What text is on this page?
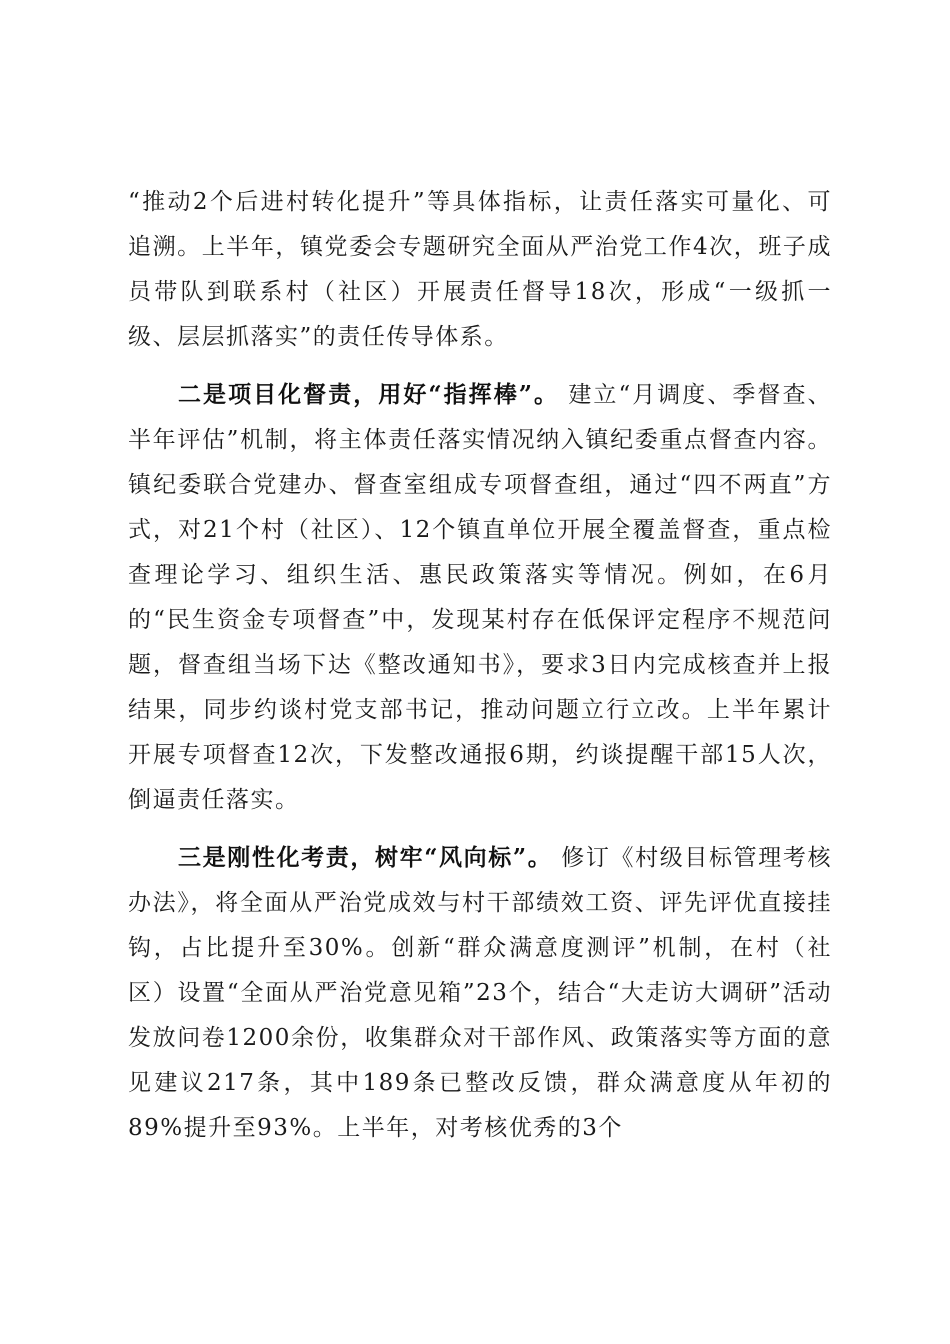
“推动2个后进村转化提升”等具体指标，让责任落实可量化、可追溯。上半年，镇党委会专题研究全面从严治党工作4次，班子成员带队到联系村（社区）开展责任督导18次，形成“一级抓一级、层层抓落实”的责任传导体系。

二是项目化督责，用好“指挥棒”。 建立“月调度、季督查、半年评估”机制，将主体责任落实情况纳入镇纪委重点督查内容。镇纪委联合党建办、督查室组成专项督查组，通过“四不两直”方式，对21个村（社区）、12个镇直单位开展全覆盖督查，重点检查理论学习、组织生活、惠民政策落实等情况。例如，在6月的“民生资金专项督查”中，发现某村存在低保评定程序不规范问题，督查组当场下达《整改通知书》，要求3日内完成核查并上报结果，同步约谈村党支部书记，推动问题立行立改。上半年累计开展专项督查12次，下发整改通报6期，约谈提醒干部15人次，倒逼责任落实。

三是刚性化考责，树牢“风向标”。 修订《村级目标管理考核办法》，将全面从严治党成效与村干部绩效工资、评先评优直接挂钩，占比提升至30%。创新“群众满意度测评”机制，在村（社区）设置“全面从严治党意见箱”23个，结合“大走访大调研”活动发放问卷1200余份，收集群众对干部作风、政策落实等方面的意见建议217条，其中189条已整改反馈，群众满意度从年初的89%提升至93%。上半年，对考核优秀的3个
